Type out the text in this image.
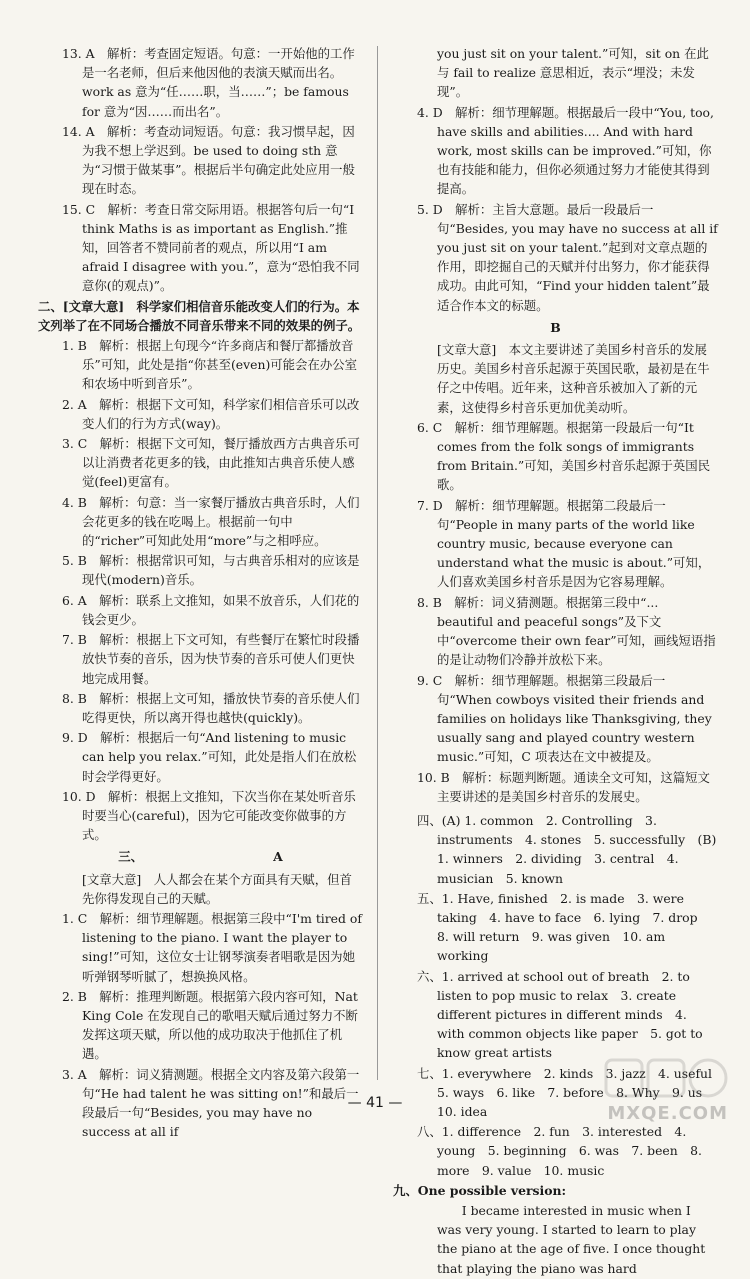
13. A　解析：考查固定短语。句意：一开始他的工作是一名老师，但后来他因他的表演天赋而出名。work as 意为“任……职，当……”；be famous for 意为“因……而出名”。
14. A　解析：考查动词短语。句意：我习惯早起，因为我不想上学迟到。be used to doing sth 意为“习惯于做某事”。根据后半句确定此处应用一般现在时态。
15. C　解析：考查日常交际用语。根据答句后一句“I think Maths is as important as English.”推知，回答者不赞同前者的观点，所以用“I am afraid I disagree with you.”，意为“恐怕我不同意你(的观点)”。
二、[文章大意]　科学家们相信音乐能改变人们的行为。本文列举了在不同场合播放不同音乐带来不同的效果的例子。
1. B　解析：根据上句现今“许多商店和餐厅都播放音乐”可知，此处是指“你甚至(even)可能会在办公室和农场中听到音乐”。
2. A　解析：根据下文可知，科学家们相信音乐可以改变人们的行为方式(way)。
3. C　解析：根据下文可知，餐厅播放西方古典音乐可以让消费者花更多的钱，由此推知古典音乐使人感觉(feel)更富有。
4. B　解析：句意：当一家餐厅播放古典音乐时，人们会花更多的钱在吃喝上。根据前一句中的“richer”可知此处用“more”与之相呼应。
5. B　解析：根据常识可知，与古典音乐相对的应该是现代(modern)音乐。
6. A　解析：联系上文推知，如果不放音乐，人们花的钱会更少。
7. B　解析：根据上下文可知，有些餐厅在繁忙时段播放快节奏的音乐，因为快节奏的音乐可使人们更快地完成用餐。
8. B　解析：根据上文可知，播放快节奏的音乐使人们吃得更快，所以离开得也越快(quickly)。
9. D　解析：根据后一句“And listening to music can help you relax.”可知，此处是指人们在放松时会学得更好。
10. D　解析：根据上文推知，下次当你在某处听音乐时要当心(careful)，因为它可能改变你做事的方式。
三、　　　　　　　　　　　A
[文章大意]　人人都会在某个方面具有天赋，但首先你得发现自己的天赋。
1. C　解析：细节理解题。根据第三段中“I'm tired of listening to the piano. I want the player to sing!”可知，这位女士让钢琴演奏者唱歌是因为她听弹钢琴听腻了，想换换风格。
2. B　解析：推理判断题。根据第六段内容可知，Nat King Cole 在发现自己的歌唱天赋后通过努力不断发挥这项天赋，所以他的成功取决于他抓住了机遇。
3. A　解析：词义猜测题。根据全文内容及第六段第一句“He had talent he was sitting on!”和最后一段最后一句“Besides, you may have no success at all if
you just sit on your talent.”可知，sit on 在此与 fail to realize 意思相近，表示“埋没；未发现”。
4. D　解析：细节理解题。根据最后一段中“You, too, have skills and abilities.... And with hard work, most skills can be improved.”可知，你也有技能和能力，但你必须通过努力才能使其得到提高。
5. D　解析：主旨大意题。最后一段最后一句“Besides, you may have no success at all if you just sit on your talent.”起到对文章点题的作用，即挖掘自己的天赋并付出努力，你才能获得成功。由此可知，“Find your hidden talent”最适合作本文的标题。
B
[文章大意]　本文主要讲述了美国乡村音乐的发展历史。美国乡村音乐起源于英国民歌，最初是在牛仔之中传唱。近年来，这种音乐被加入了新的元素，这使得乡村音乐更加优美动听。
6. C　解析：细节理解题。根据第一段最后一句“It comes from the folk songs of immigrants from Britain.”可知，美国乡村音乐起源于英国民歌。
7. D　解析：细节理解题。根据第二段最后一句“People in many parts of the world like country music, because everyone can understand what the music is about.”可知，人们喜欢美国乡村音乐是因为它容易理解。
8. B　解析：词义猜测题。根据第三段中“... beautiful and peaceful songs”及下文中“overcome their own fear”可知，画线短语指的是让动物们冷静并放松下来。
9. C　解析：细节理解题。根据第三段最后一句“When cowboys visited their friends and families on holidays like Thanksgiving, they usually sang and played country western music.”可知，C 项表达在文中被提及。
10. B　解析：标题判断题。通读全文可知，这篇短文主要讲述的是美国乡村音乐的发展史。
四、(A) 1. common　2. Controlling　3. instruments　4. stones　5. successfully　(B) 1. winners　2. dividing　3. central　4. musician　5. known
五、1. Have, finished　2. is made　3. were taking　4. have to face　6. lying　7. drop　8. will return　9. was given　10. am working
六、1. arrived at school out of breath　2. to listen to pop music to relax　3. create different pictures in different minds　4. with common objects like paper　5. got to know great artists
七、1. everywhere　2. kinds　3. jazz　4. useful　5. ways　6. like　7. before　8. Why　9. us　10. idea
八、1. difference　2. fun　3. interested　4. young　5. beginning　6. was　7. been　8. more　9. value　10. music
九、One possible version:
　　I became interested in music when I was very young. I started to learn to play the piano at the age of five. I once thought that playing the piano was hard
— 41 —	MXQE.COM
